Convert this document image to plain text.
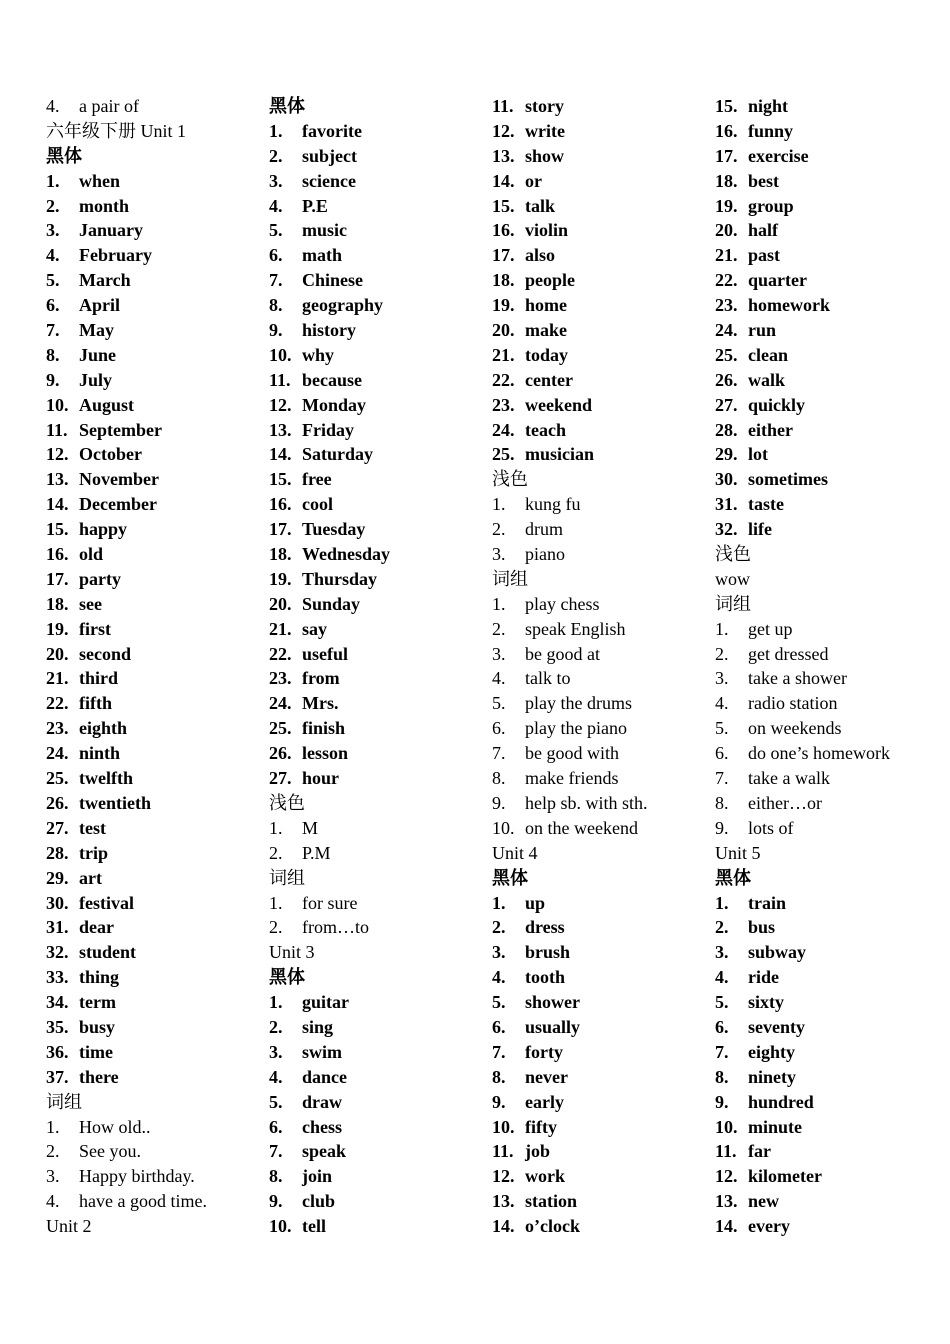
4.	a pair of
六年级下册 Unit 1
黑体
1.	when
2.	month
3.	January
4.	February
5.	March
6.	April
7.	May
8.	June
9.	July
10. August
11. September
12. October
13. November
14. December
15. happy
16. old
17. party
18. see
19. first
20. second
21. third
22. fifth
23. eighth
24. ninth
25. twelfth
26. twentieth
27. test
28. trip
29. art
30. festival
31. dear
32. student
33. thing
34. term
35. busy
36. time
37. there
词组
1.	How old..
2.	See you.
3.	Happy birthday.
4.	have a good time.
Unit 2
黑体
1.	favorite
2.	subject
3.	science
4.	P.E
5.	music
6.	math
7.	Chinese
8.	geography
9.	history
10. why
11. because
12. Monday
13. Friday
14. Saturday
15. free
16. cool
17. Tuesday
18. Wednesday
19. Thursday
20. Sunday
21. say
22. useful
23. from
24. Mrs.
25. finish
26. lesson
27. hour
浅色
1.	M
2.	P.M
词组
1.	for sure
2.	from…to
Unit 3
黑体
1.	guitar
2.	sing
3.	swim
4.	dance
5.	draw
6.	chess
7.	speak
8.	join
9.	club
10. tell
11. story
12. write
13. show
14. or
15. talk
16. violin
17. also
18. people
19. home
20. make
21. today
22. center
23. weekend
24. teach
25. musician
浅色
1.	kung fu
2.	drum
3.	piano
词组
1.	play chess
2.	speak English
3.	be good at
4.	talk to
5.	play the drums
6.	play the piano
7.	be good with
8.	make friends
9.	help sb. with sth.
10. on the weekend
Unit 4
黑体
1.	up
2.	dress
3.	brush
4.	tooth
5.	shower
6.	usually
7.	forty
8.	never
9.	early
10. fifty
11. job
12. work
13. station
14. o’clock
15. night
16. funny
17. exercise
18. best
19. group
20. half
21. past
22. quarter
23. homework
24. run
25. clean
26. walk
27. quickly
28. either
29. lot
30. sometimes
31. taste
32. life
浅色
wow
词组
1.	get up
2.	get dressed
3.	take a shower
4.	radio station
5.	on weekends
6.	do one’s homework
7.	take a walk
8.	either…or
9.	lots of
Unit 5
黑体
1.	train
2.	bus
3.	subway
4.	ride
5.	sixty
6.	seventy
7.	eighty
8.	ninety
9.	hundred
10. minute
11. far
12. kilometer
13. new
14. every
